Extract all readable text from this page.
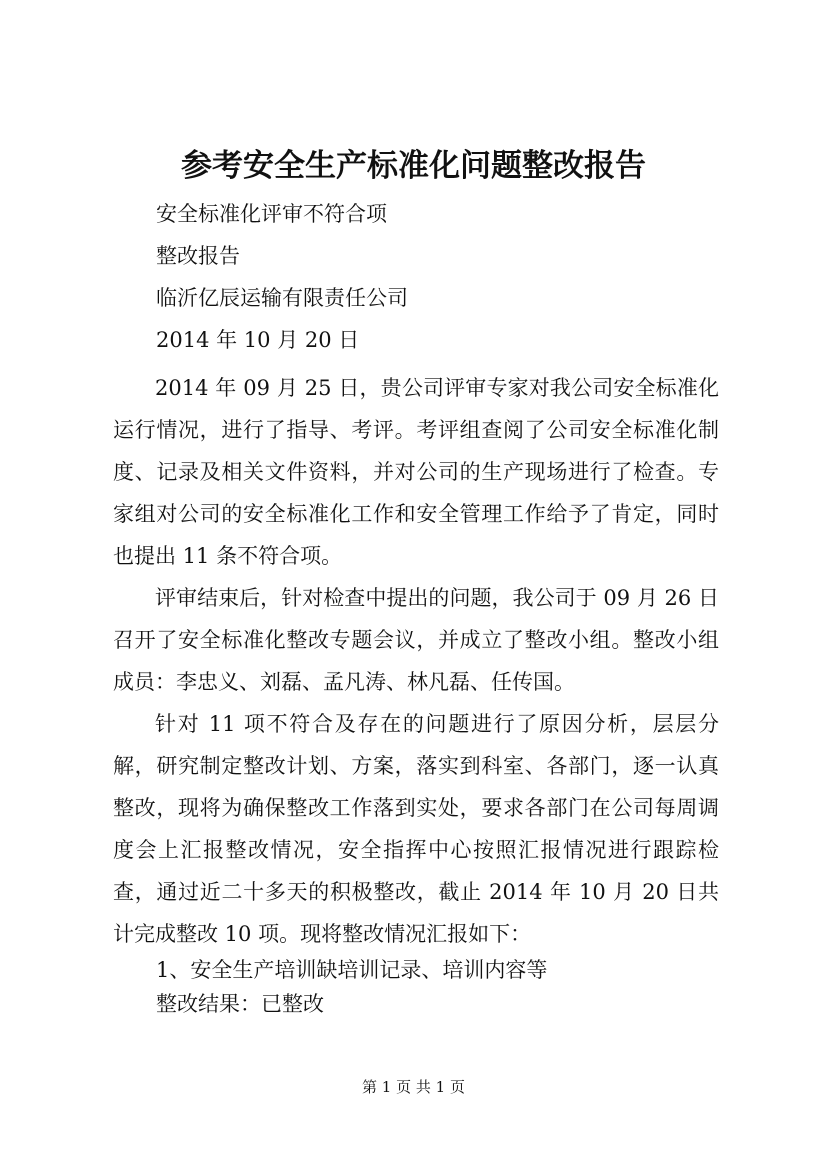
参考安全生产标准化问题整改报告
安全标准化评审不符合项
整改报告
临沂亿辰运输有限责任公司
2014 年 10 月 20 日

2014 年 09 月 25 日，贵公司评审专家对我公司安全标准化运行情况，进行了指导、考评。考评组查阅了公司安全标准化制度、记录及相关文件资料，并对公司的生产现场进行了检查。专家组对公司的安全标准化工作和安全管理工作给予了肯定，同时也提出 11 条不符合项。

评审结束后，针对检查中提出的问题，我公司于 09 月 26 日召开了安全标准化整改专题会议，并成立了整改小组。整改小组成员：李忠义、刘磊、孟凡涛、林凡磊、任传国。

针对 11 项不符合及存在的问题进行了原因分析，层层分解，研究制定整改计划、方案，落实到科室、各部门，逐一认真整改，现将为确保整改工作落到实处，要求各部门在公司每周调度会上汇报整改情况，安全指挥中心按照汇报情况进行跟踪检查，通过近二十多天的积极整改，截止 2014 年 10 月 20 日共计完成整改 10 项。现将整改情况汇报如下：

1、安全生产培训缺培训记录、培训内容等
整改结果：已整改
第 1 页 共 1 页
